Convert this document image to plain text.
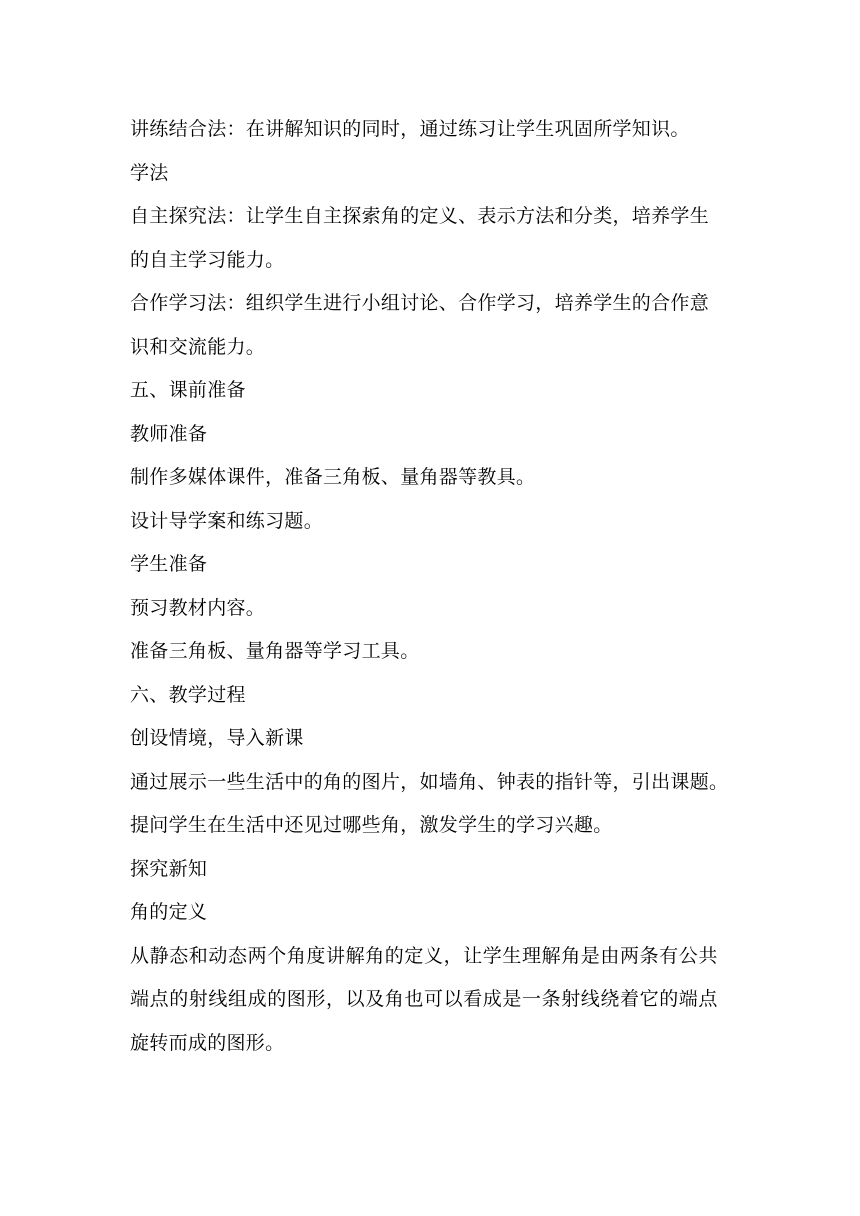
讲练结合法：在讲解知识的同时，通过练习让学生巩固所学知识。
学法
自主探究法：让学生自主探索角的定义、表示方法和分类，培养学生
的自主学习能力。
合作学习法：组织学生进行小组讨论、合作学习，培养学生的合作意
识和交流能力。
五、课前准备
教师准备
制作多媒体课件，准备三角板、量角器等教具。
设计导学案和练习题。
学生准备
预习教材内容。
准备三角板、量角器等学习工具。
六、教学过程
创设情境，导入新课
通过展示一些生活中的角的图片，如墙角、钟表的指针等，引出课题。
提问学生在生活中还见过哪些角，激发学生的学习兴趣。
探究新知
角的定义
从静态和动态两个角度讲解角的定义，让学生理解角是由两条有公共
端点的射线组成的图形，以及角也可以看成是一条射线绕着它的端点
旋转而成的图形。
